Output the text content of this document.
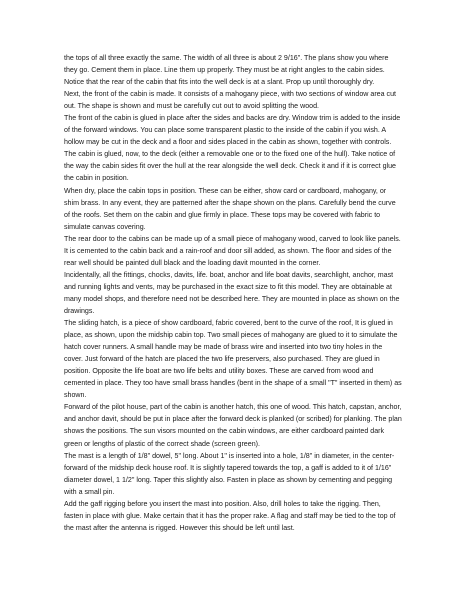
the tops of all three exactly the same. The width of all three is about 2 9/16". The plans show you where they go. Cement them in place. Line them up properly. They must be at right angles to the cabin sides. Notice that the rear of the cabin that fits into the well deck is at a slant. Prop up until thoroughly dry.

Next, the front of the cabin is made. It consists of a mahogany piece, with two sections of window area cut out. The shape is shown and must be carefully cut out to avoid splitting the wood.

The front of the cabin is glued in place after the sides and backs are dry. Window trim is added to the inside of the forward windows. You can place some transparent plastic to the inside of the cabin if you wish. A hollow may be cut in the deck and a floor and sides placed in the cabin as shown, together with controls.

The cabin is glued, now, to the deck (either a removable one or to the fixed one of the hull). Take notice of the way the cabin sides fit over the hull at the rear alongside the well deck. Check it and if it is correct glue the cabin in position.

When dry, place the cabin tops in position. These can be either, show card or cardboard, mahogany, or shim brass. In any event, they are patterned after the shape shown on the plans. Carefully bend the curve of the roofs. Set them on the cabin and glue firmly in place. These tops may be covered with fabric to simulate canvas covering.

The rear door to the cabins can be made up of a small piece of mahogany wood, carved to look like panels. It is cemented to the cabin back and a rain-roof and door sill added, as shown. The floor and sides of the rear well should be painted dull black and the loading davit mounted in the corner.

Incidentally, all the fittings, chocks, davits, life. boat, anchor and life boat davits, searchlight, anchor, mast and running lights and vents, may be purchased in the exact size to fit this model. They are obtainable at many model shops, and therefore need not be described here. They are mounted in place as shown on the drawings.

The sliding hatch, is a piece of show cardboard, fabric covered, bent to the curve of the roof, It is glued in place, as shown, upon the midship cabin top. Two small pieces of mahogany are glued to it to simulate the hatch cover runners. A small handle may be made of brass wire and inserted into two tiny holes in the cover. Just forward of the hatch are placed the two life preservers, also purchased. They are glued in position. Opposite the life boat are two life belts and utility boxes. These are carved from wood and cemented in place. They too have small brass handles (bent in the shape of a small "T" inserted in them) as shown.

Forward of the pilot house, part of the cabin is another hatch, this one of wood. This hatch, capstan, anchor, and anchor davit, should be put in place after the forward deck is planked (or scribed) for planking. The plan shows the positions. The sun visors mounted on the cabin windows, are either cardboard painted dark green or lengths of plastic of the correct shade (screen green).

The mast is a length of 1/8" dowel, 5" long. About 1" is inserted into a hole, 1/8" in diameter, in the center-forward of the midship deck house roof. It is slightly tapered towards the top, a gaff is added to it of 1/16" diameter dowel, 1 1/2" long. Taper this slightly also. Fasten in place as shown by cementing and pegging with a small pin.

Add the gaff rigging before you insert the mast into position. Also, drill holes to take the rigging. Then, fasten in place with glue. Make certain that it has the proper rake. A flag and staff may be tied to the top of the mast after the antenna is rigged. However this should be left until last.
